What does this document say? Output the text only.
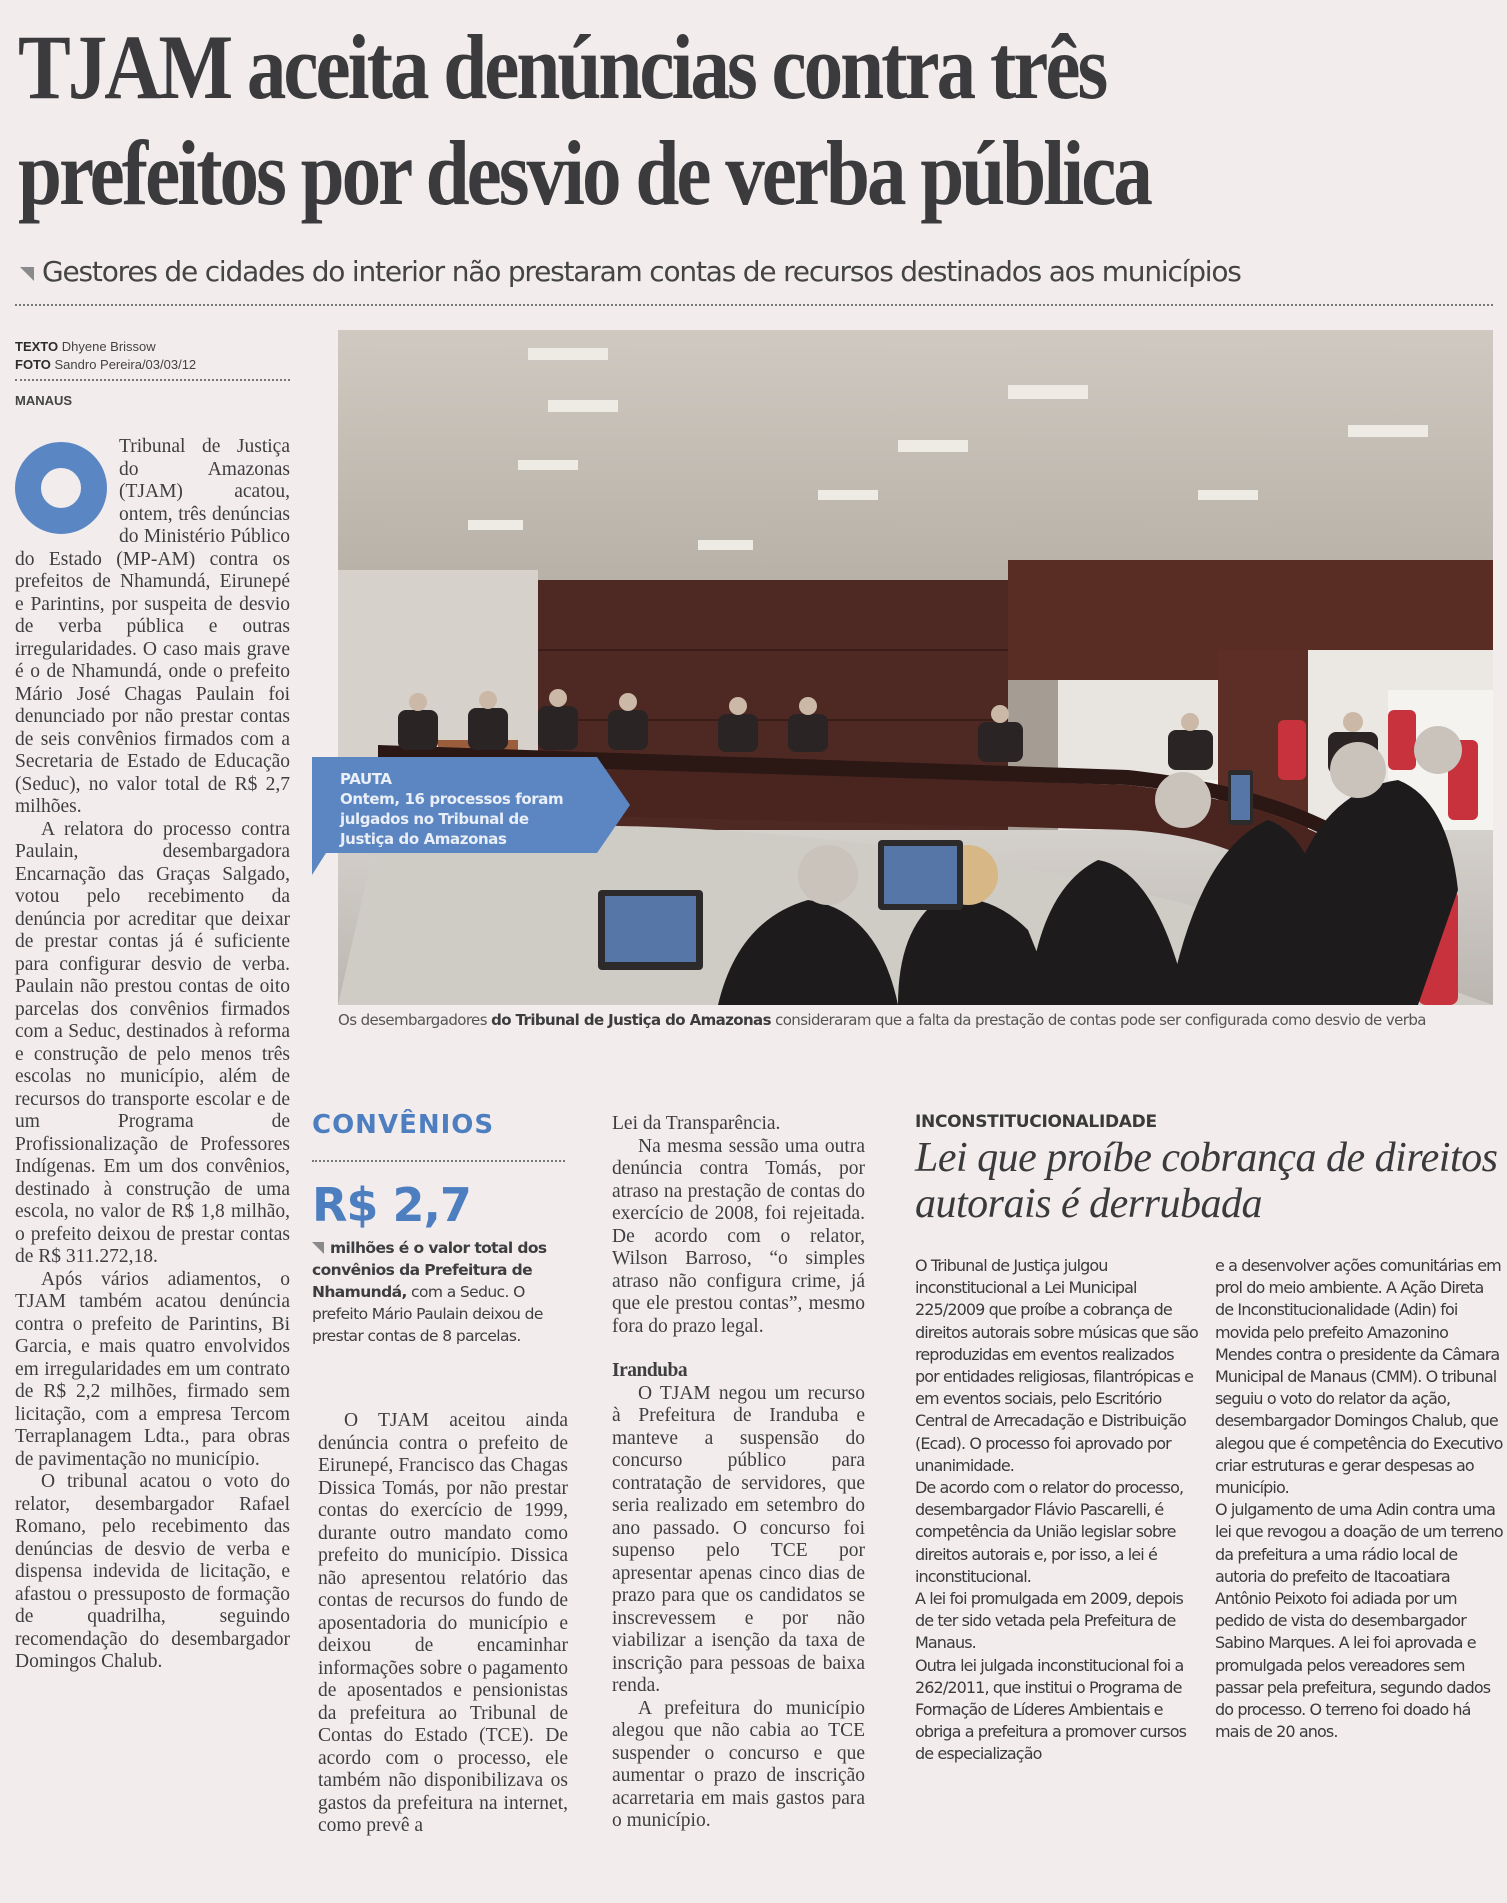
TJAM aceita denúncias contra três
prefeitos por desvio de verba pública
Gestores de cidades do interior não prestaram contas de recursos destinados aos municípios
TEXTO Dhyene Brissow
FOTO Sandro Pereira/03/03/12
MANAUS

Tribunal de Justiça do Amazonas (TJAM) acatou, ontem, três denúncias do Ministério Público do Estado (MP-AM) contra os prefeitos de Nhamundá, Eirunepé e Parintins, por suspeita de desvio de verba pública e outras irregularidades. O caso mais grave é o de Nhamundá, onde o prefeito Mário José Chagas Paulain foi denunciado por não prestar contas de seis convênios firmados com a Secretaria de Estado de Educação (Seduc), no valor total de R$ 2,7 milhões.

A relatora do processo contra Paulain, desembargadora Encarnação das Graças Salgado, votou pelo recebimento da denúncia por acreditar que deixar de prestar contas já é suficiente para configurar desvio de verba. Paulain não prestou contas de oito parcelas dos convênios firmados com a Seduc, destinados à reforma e construção de pelo menos três escolas no município, além de recursos do transporte escolar e de um Programa de Profissionalização de Professores Indígenas. Em um dos convênios, destinado à construção de uma escola, no valor de R$ 1,8 milhão, o prefeito deixou de prestar contas de R$ 311.272,18.

Após vários adiamentos, o TJAM também acatou denúncia contra o prefeito de Parintins, Bi Garcia, e mais quatro envolvidos em irregularidades em um contrato de R$ 2,2 milhões, firmado sem licitação, com a empresa Tercom Terraplanagem Ldta., para obras de pavimentação no município.

O tribunal acatou o voto do relator, desembargador Rafael Romano, pelo recebimento das denúncias de desvio de verba e dispensa indevida de licitação, e afastou o pressuposto de formação de quadrilha, seguindo recomendação do desembargador Domingos Chalub.

PAUTA
Ontem, 16 processos foram julgados no Tribunal de Justiça do Amazonas
Os desembargadores do Tribunal de Justiça do Amazonas consideraram que a falta da prestação de contas pode ser configurada como desvio de verba
CONVÊNIOS
R$ 2,7
milhões é o valor total dos convênios da Prefeitura de Nhamundá, com a Seduc. O prefeito Mário Paulain deixou de prestar contas de 8 parcelas.

O TJAM aceitou ainda denúncia contra o prefeito de Eirunepé, Francisco das Chagas Dissica Tomás, por não prestar contas do exercício de 1999, durante outro mandato como prefeito do município. Dissica não apresentou relatório das contas de recursos do fundo de aposentadoria do município e deixou de encaminhar informações sobre o pagamento de aposentados e pensionistas da prefeitura ao Tribunal de Contas do Estado (TCE). De acordo com o processo, ele também não disponibilizava os gastos da prefeitura na internet, como prevê a

Lei da Transparência.

Na mesma sessão uma outra denúncia contra Tomás, por atraso na prestação de contas do exercício de 2008, foi rejeitada. De acordo com o relator, Wilson Barroso, “o simples atraso não configura crime, já que ele prestou contas”, mesmo fora do prazo legal.

Iranduba

O TJAM negou um recurso à Prefeitura de Iranduba e manteve a suspensão do concurso público para contratação de servidores, que seria realizado em setembro do ano passado. O concurso foi supenso pelo TCE por apresentar apenas cinco dias de prazo para que os candidatos se inscrevessem e por não viabilizar a isenção da taxa de inscrição para pessoas de baixa renda.

A prefeitura do município alegou que não cabia ao TCE suspender o concurso e que aumentar o prazo de inscrição acarretaria em mais gastos para o município.

INCONSTITUCIONALIDADE
Lei que proíbe cobrança de direitos autorais é derrubada

O Tribunal de Justiça julgou inconstitucional a Lei Municipal 225/2009 que proíbe a cobrança de direitos autorais sobre músicas que são reproduzidas em eventos realizados por entidades religiosas, filantrópicas e em eventos sociais, pelo Escritório Central de Arrecadação e Distribuição (Ecad). O processo foi aprovado por unanimidade.

De acordo com o relator do processo, desembargador Flávio Pascarelli, é competência da União legislar sobre direitos autorais e, por isso, a lei é inconstitucional.

A lei foi promulgada em 2009, depois de ter sido vetada pela Prefeitura de Manaus.

Outra lei julgada inconstitucional foi a 262/2011, que institui o Programa de Formação de Líderes Ambientais e obriga a prefeitura a promover cursos de especialização

e a desenvolver ações comunitárias em prol do meio ambiente. A Ação Direta de Inconstitucionalidade (Adin) foi movida pelo prefeito Amazonino Mendes contra o presidente da Câmara Municipal de Manaus (CMM). O tribunal seguiu o voto do relator da ação, desembargador Domingos Chalub, que alegou que é competência do Executivo criar estruturas e gerar despesas ao município.

O julgamento de uma Adin contra uma lei que revogou a doação de um terreno da prefeitura a uma rádio local de autoria do prefeito de Itacoatiara Antônio Peixoto foi adiada por um pedido de vista do desembargador Sabino Marques. A lei foi aprovada e promulgada pelos vereadores sem passar pela prefeitura, segundo dados do processo. O terreno foi doado há mais de 20 anos.
